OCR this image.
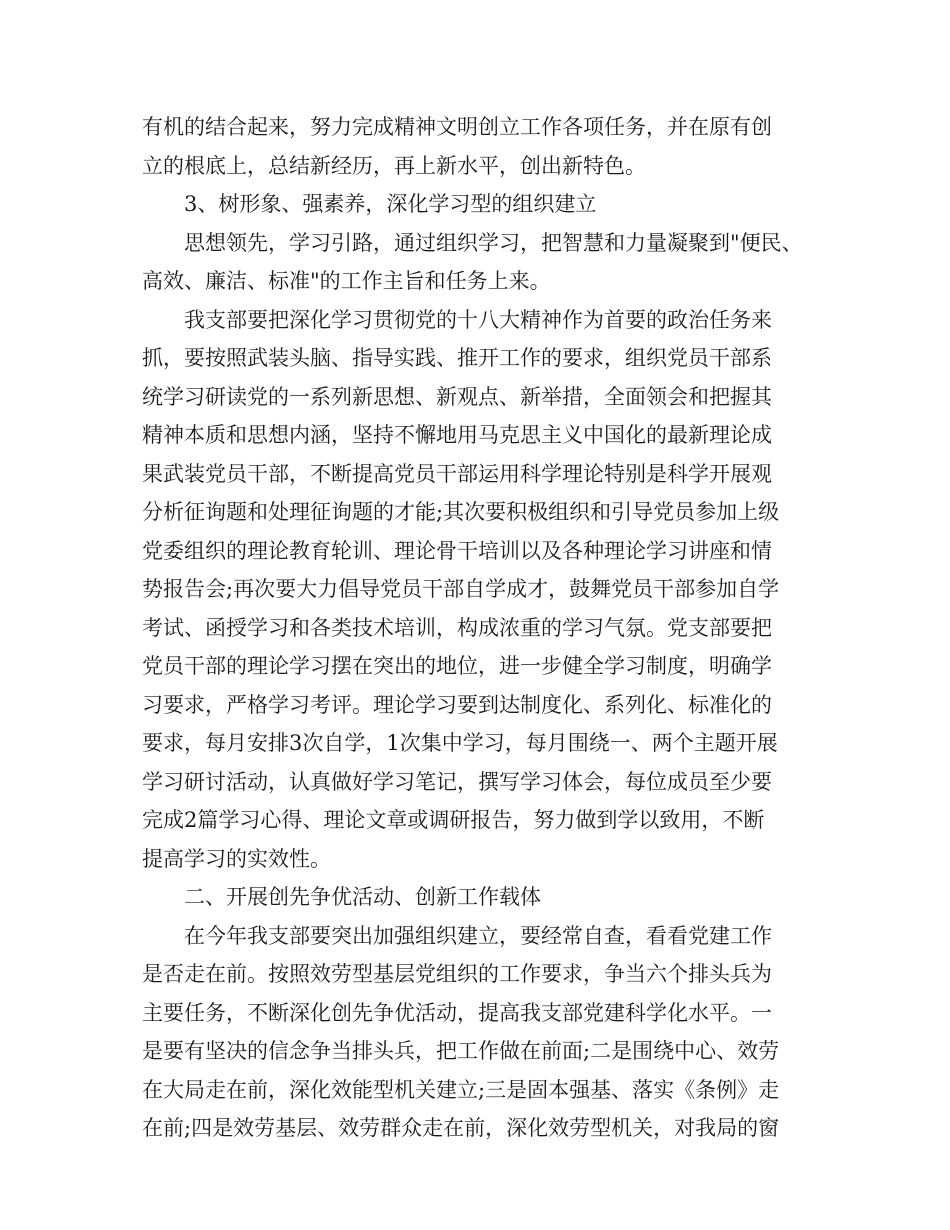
有机的结合起来，努力完成精神文明创立工作各项任务，并在原有创
立的根底上，总结新经历，再上新水平，创出新特色。
3、树形象、强素养，深化学习型的组织建立
思想领先，学习引路，通过组织学习，把智慧和力量凝聚到"便民、
高效、廉洁、标准"的工作主旨和任务上来。
我支部要把深化学习贯彻党的十八大精神作为首要的政治任务来
抓，要按照武装头脑、指导实践、推开工作的要求，组织党员干部系
统学习研读党的一系列新思想、新观点、新举措，全面领会和把握其
精神本质和思想内涵，坚持不懈地用马克思主义中国化的最新理论成
果武装党员干部，不断提高党员干部运用科学理论特别是科学开展观
分析征询题和处理征询题的才能;其次要积极组织和引导党员参加上级
党委组织的理论教育轮训、理论骨干培训以及各种理论学习讲座和情
势报告会;再次要大力倡导党员干部自学成才，鼓舞党员干部参加自学
考试、函授学习和各类技术培训，构成浓重的学习气氛。党支部要把
党员干部的理论学习摆在突出的地位，进一步健全学习制度，明确学
习要求，严格学习考评。理论学习要到达制度化、系列化、标准化的
要求，每月安排3次自学，1次集中学习，每月围绕一、两个主题开展
学习研讨活动，认真做好学习笔记，撰写学习体会，每位成员至少要
完成2篇学习心得、理论文章或调研报告，努力做到学以致用，不断
提高学习的实效性。
二、开展创先争优活动、创新工作载体
在今年我支部要突出加强组织建立，要经常自查，看看党建工作
是否走在前。按照效劳型基层党组织的工作要求，争当六个排头兵为
主要任务，不断深化创先争优活动，提高我支部党建科学化水平。一
是要有坚决的信念争当排头兵，把工作做在前面;二是围绕中心、效劳
在大局走在前，深化效能型机关建立;三是固本强基、落实《条例》走
在前;四是效劳基层、效劳群众走在前，深化效劳型机关，对我局的窗
